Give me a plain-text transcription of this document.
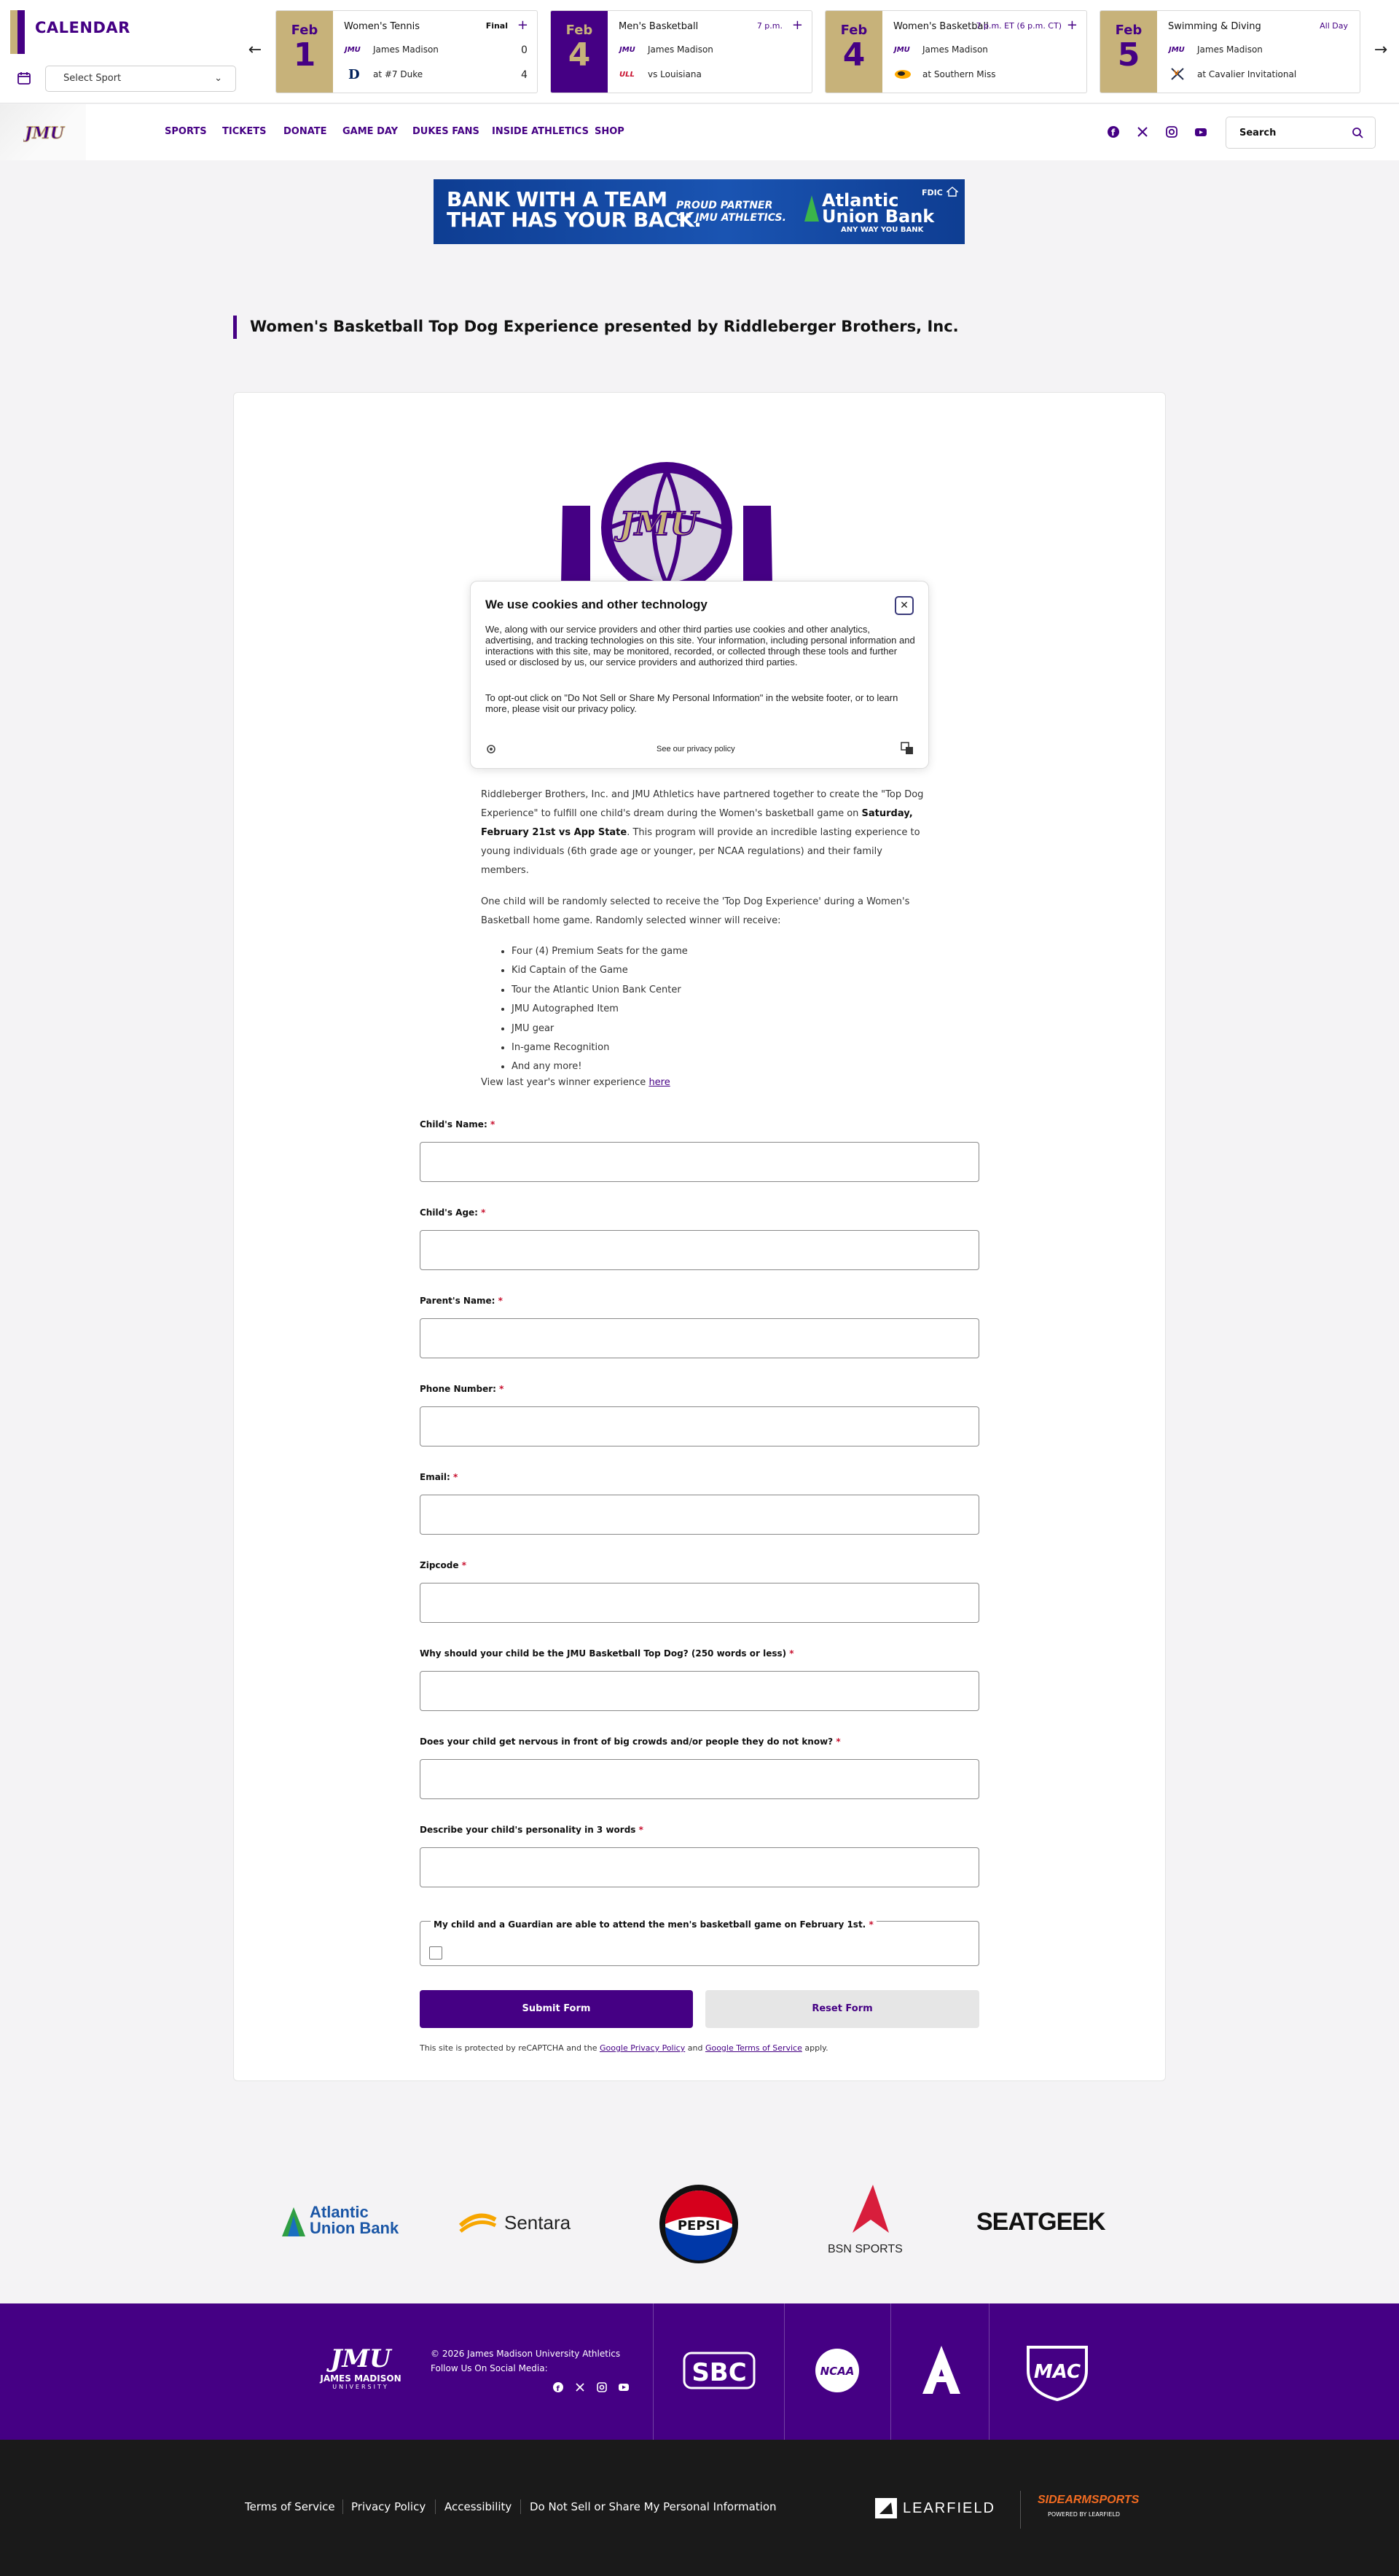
CALENDAR
Select Sport	⌄
←
Feb
1
Women's Tennis	Final +
JMU James Madison	0
D at #7 Duke	4
Feb
4
Men's Basketball	7 p.m. +
JMU James Madison
ULL vs Louisiana
Feb
4
Women's Basketball
7 p.m. ET (6 p.m. CT) +
JMU James Madison
at Southern Miss
Feb
5
Swimming & Diving	All Day
JMU James Madison
V at Cavalier Invitational
→
JMU	SPORTS TICKETS DONATE GAME DAY DUKES FANS INSIDE ATHLETICS SHOP	f
Search
BANK WITH A TEAM
THAT HAS YOUR BACK.
PROUD PARTNER
OF JMU ATHLETICS.
Atlantic
Union Bank
ANY WAY YOU BANK
FDIC
Women's Basketball Top Dog Experience presented by Riddleberger Brothers, Inc.
JMU
We use cookies and other technology	✕
We, along with our service providers and other third parties use cookies and other analytics, advertising, and tracking technologies on this site. Your information, including personal information and interactions with this site, may be monitored, recorded, or collected through these tools and further used or disclosed by us, our service providers and authorized third parties.
To opt-out click on "Do Not Sell or Share My Personal Information" in the website footer, or to learn more, please visit our privacy policy.
See our privacy policy

Riddleberger Brothers, Inc. and JMU Athletics have partnered together to create the "Top Dog Experience" to fulfill one child's dream during the Women's basketball game on Saturday, February 21st vs App State. This program will provide an incredible lasting experience to young individuals (6th grade age or younger, per NCAA regulations) and their family members.

One child will be randomly selected to receive the 'Top Dog Experience' during a Women's Basketball home game. Randomly selected winner will receive:

• Four (4) Premium Seats for the game
• Kid Captain of the Game
• Tour the Atlantic Union Bank Center
• JMU Autographed Item
• JMU gear
• In-game Recognition
• And any more!

View last year's winner experience here

Child's Name: *
Child's Age: *
Parent's Name: *
Phone Number: *
Email: *
Zipcode *
Why should your child be the JMU Basketball Top Dog? (250 words or less) *
Does your child get nervous in front of big crowds and/or people they do not know? *
Describe your child's personality in 3 words *
My child and a Guardian are able to attend the men's basketball game on February 1st. *
Submit Form	Reset Form

This site is protected by reCAPTCHA and the Google Privacy Policy and Google Terms of Service apply.

Atlantic
Union Bank	Sentara	PEPSI
BSN SPORTS
SEATGEEK
JMU
JAMES MADISON
UNIVERSITY
© 2026 James Madison University Athletics
Follow Us On Social Media:
f
SBC	NCAA	MAC
Terms of Service Privacy Policy Accessibility Do Not Sell or Share My Personal Information	LEARFIELD
SIDEARMSPORTS
POWERED BY LEARFIELD
